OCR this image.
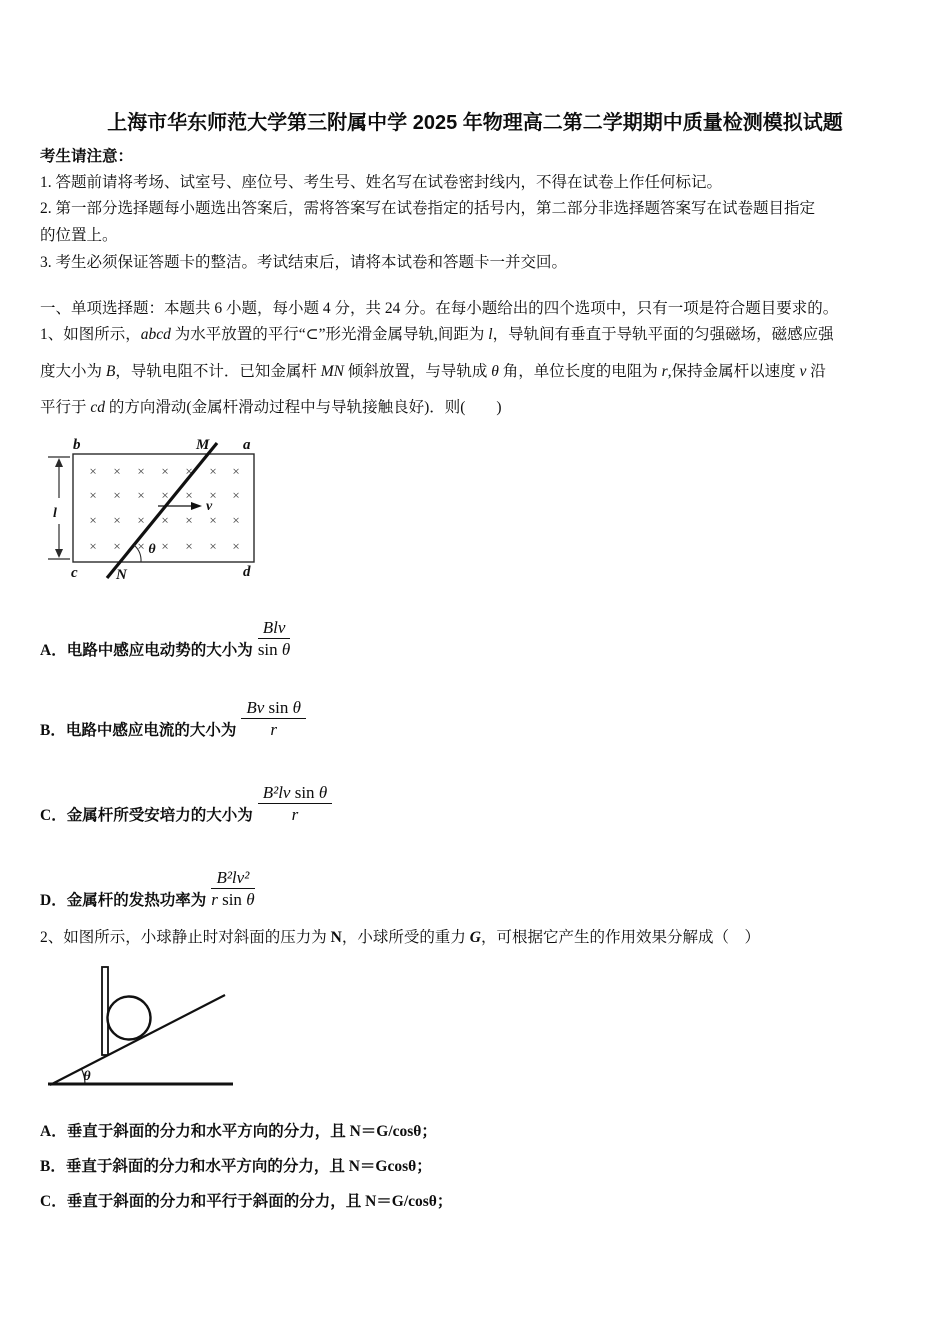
上海市华东师范大学第三附属中学 2025 年物理高二第二学期期中质量检测模拟试题
考生请注意：
1. 答题前请将考场、试室号、座位号、考生号、姓名写在试卷密封线内，不得在试卷上作任何标记。
2. 第一部分选择题每小题选出答案后，需将答案写在试卷指定的括号内，第二部分非选择题答案写在试卷题目指定
的位置上。
3. 考生必须保证答题卡的整洁。考试结束后，请将本试卷和答题卡一并交回。
一、单项选择题：本题共 6 小题，每小题 4 分，共 24 分。在每小题给出的四个选项中，只有一项是符合题目要求的。
1、如图所示，abcd 为水平放置的平行“⊂”形光滑金属导轨,间距为 l，导轨间有垂直于导轨平面的匀强磁场，磁感应强
度大小为 B，导轨电阻不计．已知金属杆 MN 倾斜放置，与导轨成 θ 角，单位长度的电阻为 r,保持金属杆以速度 v 沿
平行于 cd 的方向滑动(金属杆滑动过程中与导轨接触良好)．则(　　)
l
× × × × × × ×
× × × × × × ×
× × × × × × ×
× × × × × × ×
v
θ
b	M a
c	N	d
A．电路中感应电动势的大小为 $\frac{\text{Blv}}{\text{sin θ}}$
B．电路中感应电流的大小为 $\frac{\text{Bv sin θ}}{r}$
C．金属杆所受安培力的大小为 $\frac{\text{B²lv sin θ}}{r}$
D．金属杆的发热功率为 $\frac{\text{B²lv²}}{\text{r sin θ}}$
2、如图所示，小球静止时对斜面的压力为 N，小球所受的重力 G，可根据它产生的作用效果分解成（　）
θ
A．垂直于斜面的分力和水平方向的分力，且 N＝G/cosθ；
B．垂直于斜面的分力和水平方向的分力，且 N＝Gcosθ；
C．垂直于斜面的分力和平行于斜面的分力，且 N＝G/cosθ；
